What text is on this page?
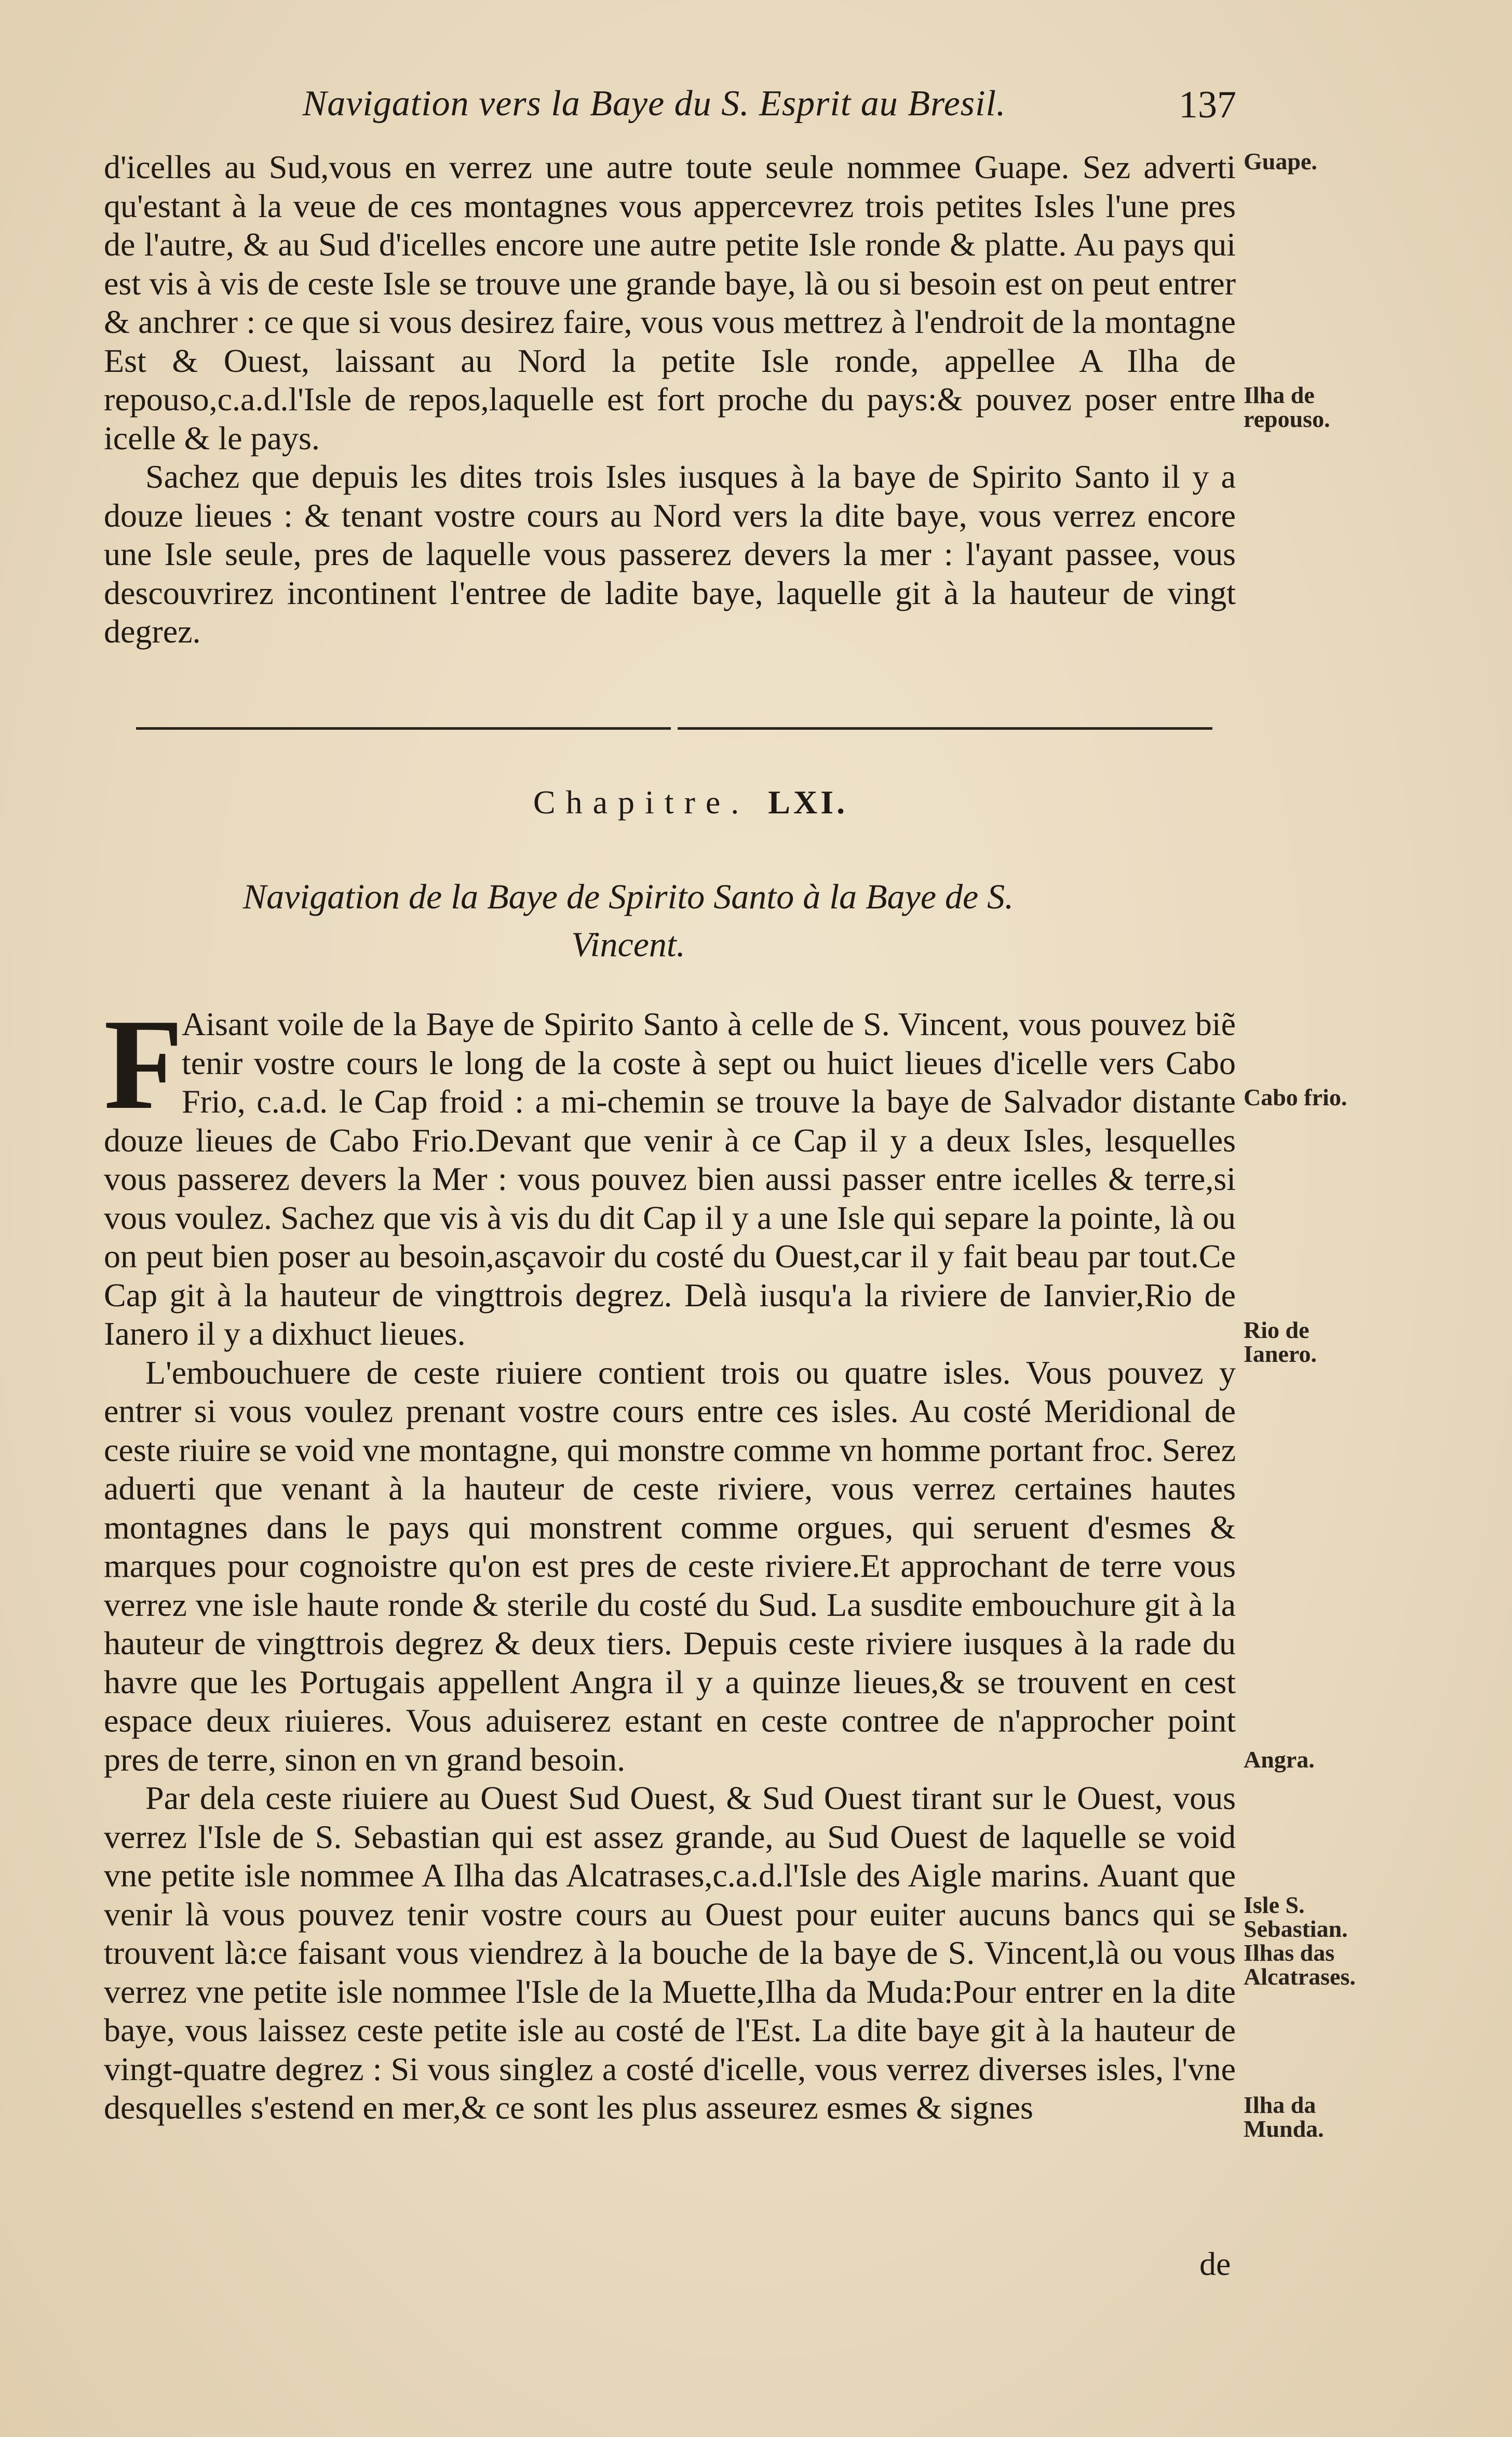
Navigation vers la Baye du S. Esprit au Bresil.	137

d'icelles au Sud,vous en verrez une autre toute seule nommee Guape. Sez adverti qu'estant à la veue de ces montagnes vous appercevrez trois petites Isles l'une pres de l'autre, & au Sud d'icelles encore une autre petite Isle ronde & platte. Au pays qui est vis à vis de ceste Isle se trouve une grande baye, là ou si besoin est on peut entrer & anchrer : ce que si vous desirez faire, vous vous mettrez à l'endroit de la montagne Est & Ouest, laissant au Nord la petite Isle ronde, appellee A Ilha de repouso,c.a.d.l'Isle de repos,laquelle est fort proche du pays:& pouvez poser entre icelle & le pays.

Sachez que depuis les dites trois Isles iusques à la baye de Spirito Santo il y a douze lieues : & tenant vostre cours au Nord vers la dite baye, vous verrez encore une Isle seule, pres de laquelle vous passerez devers la mer : l'ayant passee, vous descouvrirez incontinent l'entree de ladite baye, laquelle git à la hauteur de vingt degrez.

Guape.
Ilha de repouso.
Chapitre. LXI.
Navigation de la Baye de Spirito Santo à la Baye de S. Vincent.
F

Aisant voile de la Baye de Spirito Santo à celle de S. Vincent, vous pouvez biẽ tenir vostre cours le long de la coste à sept ou huict lieues d'icelle vers Cabo Frio, c.a.d. le Cap froid : a mi-chemin se trouve la baye de Salvador distante douze lieues de Cabo Frio.Devant que venir à ce Cap il y a deux Isles, lesquelles vous passerez devers la Mer : vous pouvez bien aussi passer entre icelles & terre,si vous voulez. Sachez que vis à vis du dit Cap il y a une Isle qui separe la pointe, là ou on peut bien poser au besoin,asçavoir du costé du Ouest,car il y fait beau par tout.Ce Cap git à la hauteur de vingttrois degrez. Delà iusqu'a la riviere de Ianvier,Rio de Ianero il y a dixhuct lieues.

L'embouchuere de ceste riuiere contient trois ou quatre isles. Vous pouvez y entrer si vous voulez prenant vostre cours entre ces isles. Au costé Meridional de ceste riuire se void vne montagne, qui monstre comme vn homme portant froc. Serez aduerti que venant à la hauteur de ceste riviere, vous verrez certaines hautes montagnes dans le pays qui monstrent comme orgues, qui seruent d'esmes & marques pour cognoistre qu'on est pres de ceste riviere.Et approchant de terre vous verrez vne isle haute ronde & sterile du costé du Sud. La susdite embouchure git à la hauteur de vingttrois degrez & deux tiers. Depuis ceste riviere iusques à la rade du havre que les Portugais appellent Angra il y a quinze lieues,& se trouvent en cest espace deux riuieres. Vous aduiserez estant en ceste contree de n'approcher point pres de terre, sinon en vn grand besoin.

Par dela ceste riuiere au Ouest Sud Ouest, & Sud Ouest tirant sur le Ouest, vous verrez l'Isle de S. Sebastian qui est assez grande, au Sud Ouest de laquelle se void vne petite isle nommee A Ilha das Alcatrases,c.a.d.l'Isle des Aigle marins. Auant que venir là vous pouvez tenir vostre cours au Ouest pour euiter aucuns bancs qui se trouvent là:ce faisant vous viendrez à la bouche de la baye de S. Vincent,là ou vous verrez vne petite isle nommee l'Isle de la Muette,Ilha da Muda:Pour entrer en la dite baye, vous laissez ceste petite isle au costé de l'Est. La dite baye git à la hauteur de vingt-quatre degrez : Si vous singlez a costé d'icelle, vous verrez diverses isles, l'vne desquelles s'estend en mer,& ce sont les plus asseurez esmes & signes

Cabo frio.
Rio de Ianero.
Angra.
Isle S. Sebastian. Ilhas das Alcatrases.
Ilha da Munda.
de
